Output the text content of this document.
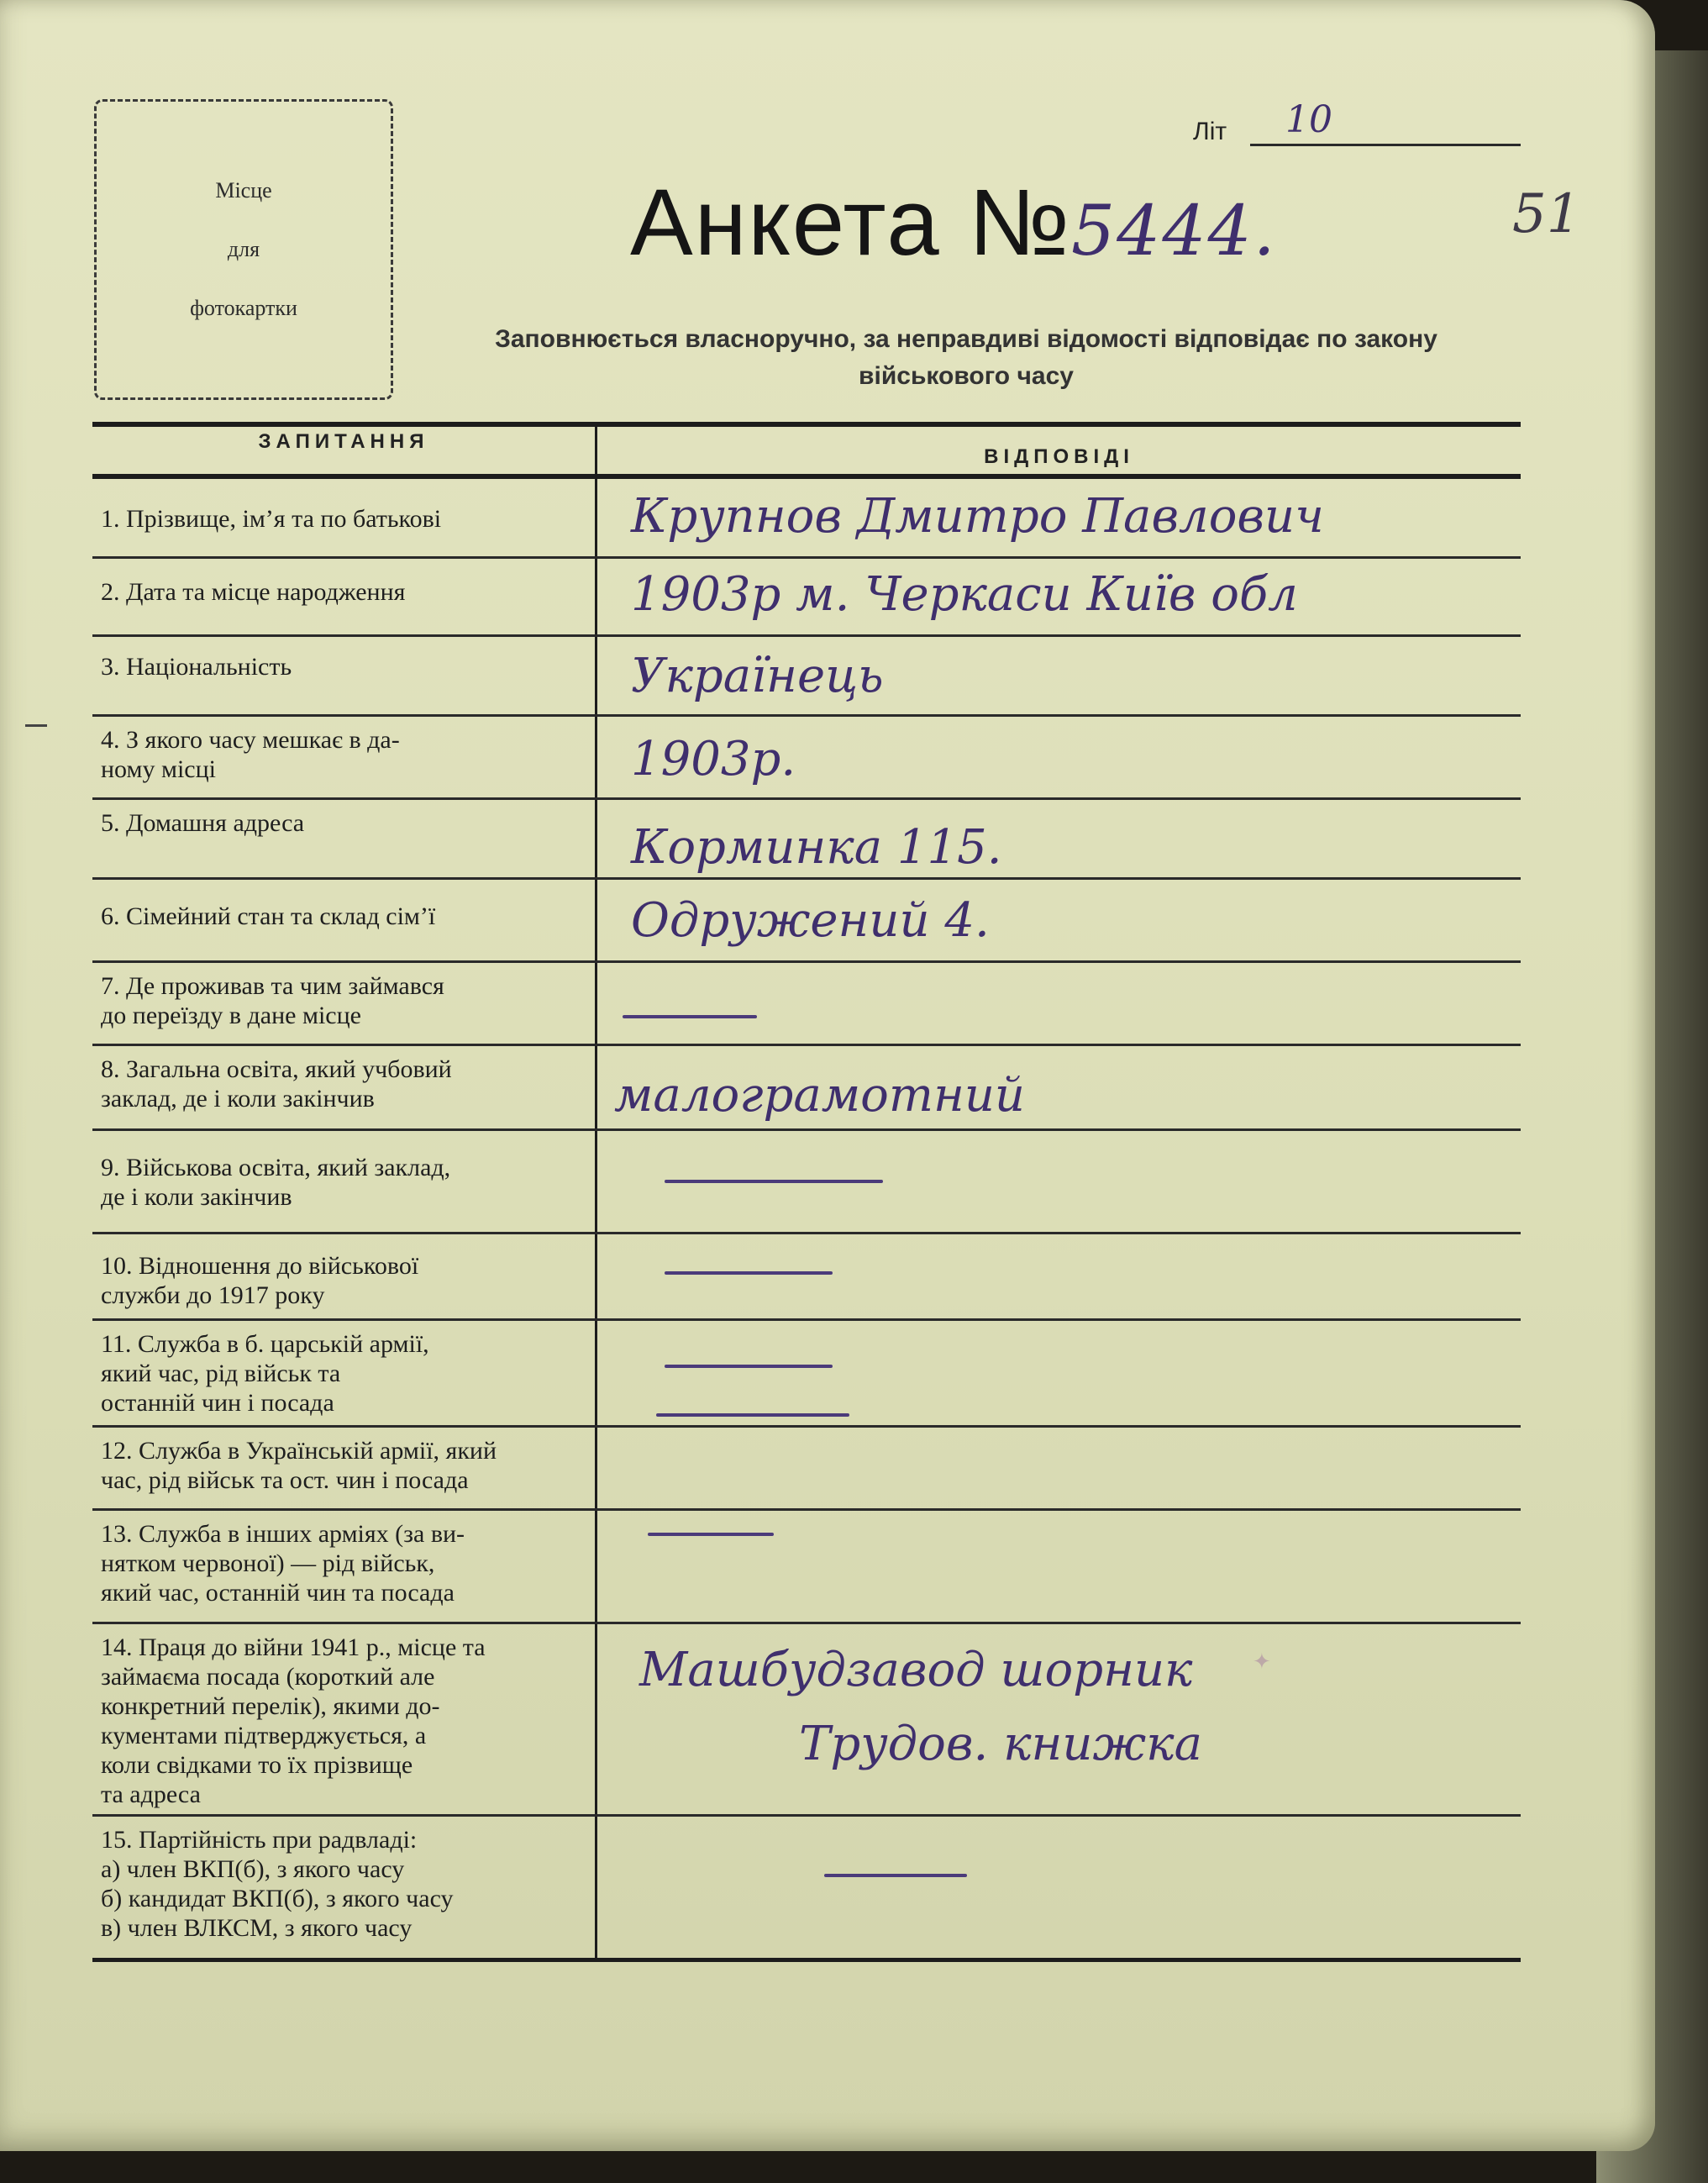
Літ 10
51
Місце
для
фотокартки
Анкета №5444.
Заповнюється власноручно, за неправдиві відомості відповідає по закону
військового часу
ЗАПИТАННЯ
ВІДПОВІДІ
1. Прізвище, ім’я та по батькові	Крупнов Дмитро Павлович
2. Дата та місце народження	1903р м. Черкаси Київ обл
3. Національність	Українець
4. З якого часу мешкає в да-
ному місці	1903р.
5. Домашня адреса	Корминка 115.
6. Сімейний стан та склад сім’ї	Одружений 4.
7. Де проживав та чим займався
до переїзду в дане місце
8. Загальна освіта, який учбовий
заклад, де і коли закінчив	малограмотний
9. Військова освіта, який заклад,
де і коли закінчив
10. Відношення до військової
служби до 1917 року
11. Служба в б. царській армії,
який час, рід військ та
останній чин і посада
12. Служба в Українській армії, який
час, рід військ та ост. чин і посада
13. Служба в інших арміях (за ви-
нятком червоної) — рід військ,
який час, останній чин та посада
14. Праця до війни 1941 р., місце та
займаєма посада (короткий але
конкретний перелік), якими до-
кументами підтверджується, а
коли свідками то їх прізвище
та адреса
Машбудзавод шорник
Трудов. книжка
✦
15. Партійність при радвладі:
а) член ВКП(б), з якого часу
б) кандидат ВКП(б), з якого часу
в) член ВЛКСМ, з якого часу
